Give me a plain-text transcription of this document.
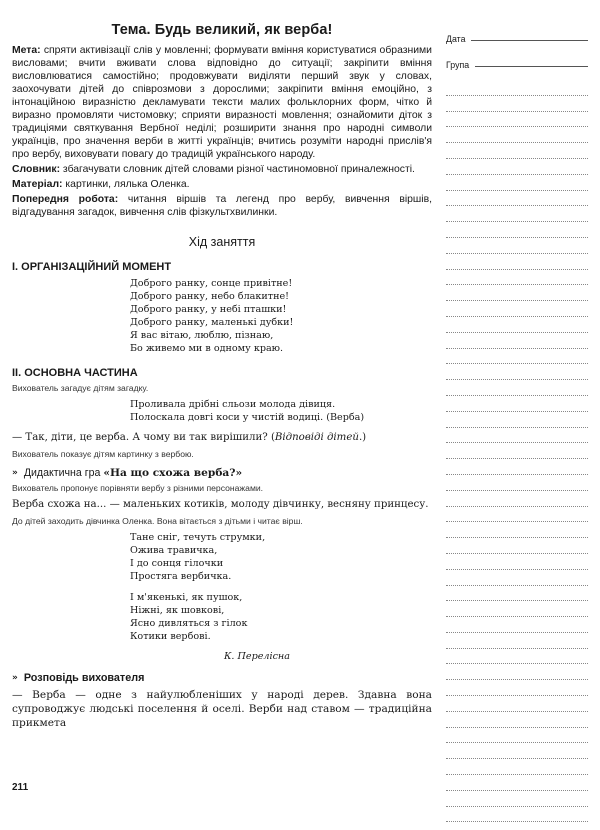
Тема. Будь великий, як верба!

Мета: спряти активізації слів у мовленні; формувати вміння користуватися образними висловами; вчити вживати слова відповідно до ситуації; закріпити вміння висловлюватися самостійно; продовжувати виділяти перший звук у словах, заохочувати дітей до співрозмови з дорослими; закріпити вміння емоційно, з інтонаційною виразністю декламувати тексти малих фольклорних форм, чітко й виразно промовляти чистомовку; сприяти виразності мовлення; ознайомити діток з традиціями святкування Вербної неділі; розширити знання про народні символи українців, про значення верби в житті українців; вчитись розуміти народні прислів'я про вербу, виховувати повагу до традицій українського народу.

Словник: збагачувати словник дітей словами різної частиномовної приналежності.

Матеріал: картинки, лялька Оленка.

Попередня робота: читання віршів та легенд про вербу, вивчення віршів, відгадування загадок, вивчення слів фізкультхвилинки.

Хід заняття
І. ОРГАНІЗАЦІЙНИЙ МОМЕНТ
Доброго ранку, сонце привітне!
Доброго ранку, небо блакитне!
Доброго ранку, у небі пташки!
Доброго ранку, маленькі дубки!
Я вас вітаю, люблю, пізнаю,
Бо живемо ми в одному краю.
ІІ. ОСНОВНА ЧАСТИНА
Вихователь загадує дітям загадку.
Проливала дрібні сльози молода дівиця.
Полоскала довгі коси у чистій водиці. (Верба)
— Так, діти, це верба. А чому ви так вирішили? (Відповіді дітей.)
Вихователь показує дітям картинку з вербою.
» Дидактична гра
«На що схожа верба?»
Вихователь пропонує порівняти вербу з різними персонажами.
Верба схожа на... — маленьких котиків, молоду дівчинку, весняну принцесу.
До дітей заходить дівчинка Оленка. Вона вітається з дітьми і читає вірш.
Тане сніг, течуть струмки,
Ожива травичка,
І до сонця гілочки
Простяга вербичка.
І м'якенькі, як пушок,
Ніжні, як шовкові,
Ясно дивляться з гілок
Котики вербові.
К. Перелісна
» Розповідь вихователя

— Верба — одне з найулюбленіших у народі дерев. Здавна вона супроводжує людські поселення й оселі. Верби над ставом — традиційна прикмета

211
Дата
Група
